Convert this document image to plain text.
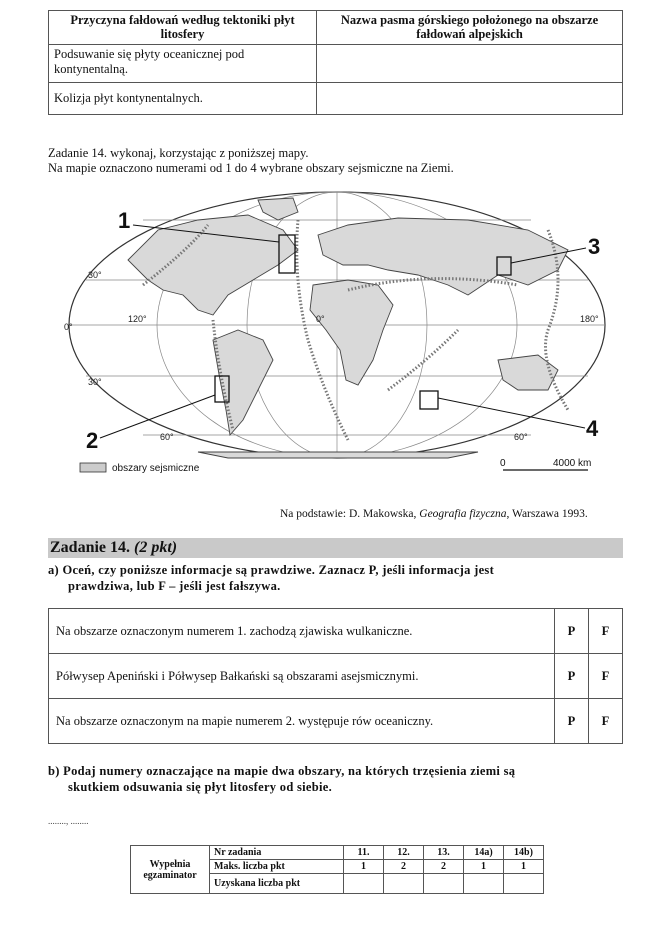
Przyczyna fałdowań według tektoniki płyt litosfery	Nazwa pasma górskiego położonego na obszarze fałdowań alpejskich
Podsuwanie się płyty oceanicznej pod kontynentalną.	
Kolizja płyt kontynentalnych.	
Zadanie 14. wykonaj, korzystając z poniższej mapy.
Na mapie oznaczono numerami od 1 do 4 wybrane obszary sejsmiczne na Ziemi.
1
2
3
4
30°
0°
30°
60°	60°
120°	0°	180°
obszary sejsmiczne	0	4000 km
Na podstawie: D. Makowska, Geografia fizyczna, Warszawa 1993.
Zadanie 14. (2 pkt)
a) Oceń, czy poniższe informacje są prawdziwe. Zaznacz P, jeśli informacja jest
prawdziwa, lub F – jeśli jest fałszywa.
Na obszarze oznaczonym numerem 1. zachodzą zjawiska wulkaniczne.	P	F
Półwysep Apeniński i Półwysep Bałkański są obszarami asejsmicznymi.	P	F
Na obszarze oznaczonym na mapie numerem 2. występuje rów oceaniczny.	P	F
b) Podaj numery oznaczające na mapie dwa obszary, na których trzęsienia ziemi są
skutkiem odsuwania się płyt litosfery od siebie.
........, ........
Wypełnia
egzaminator	Nr zadania	11.	12.	13.	14a)	14b)
	Maks. liczba pkt	1	2	2	1	1
	Uzyskana liczba pkt					
